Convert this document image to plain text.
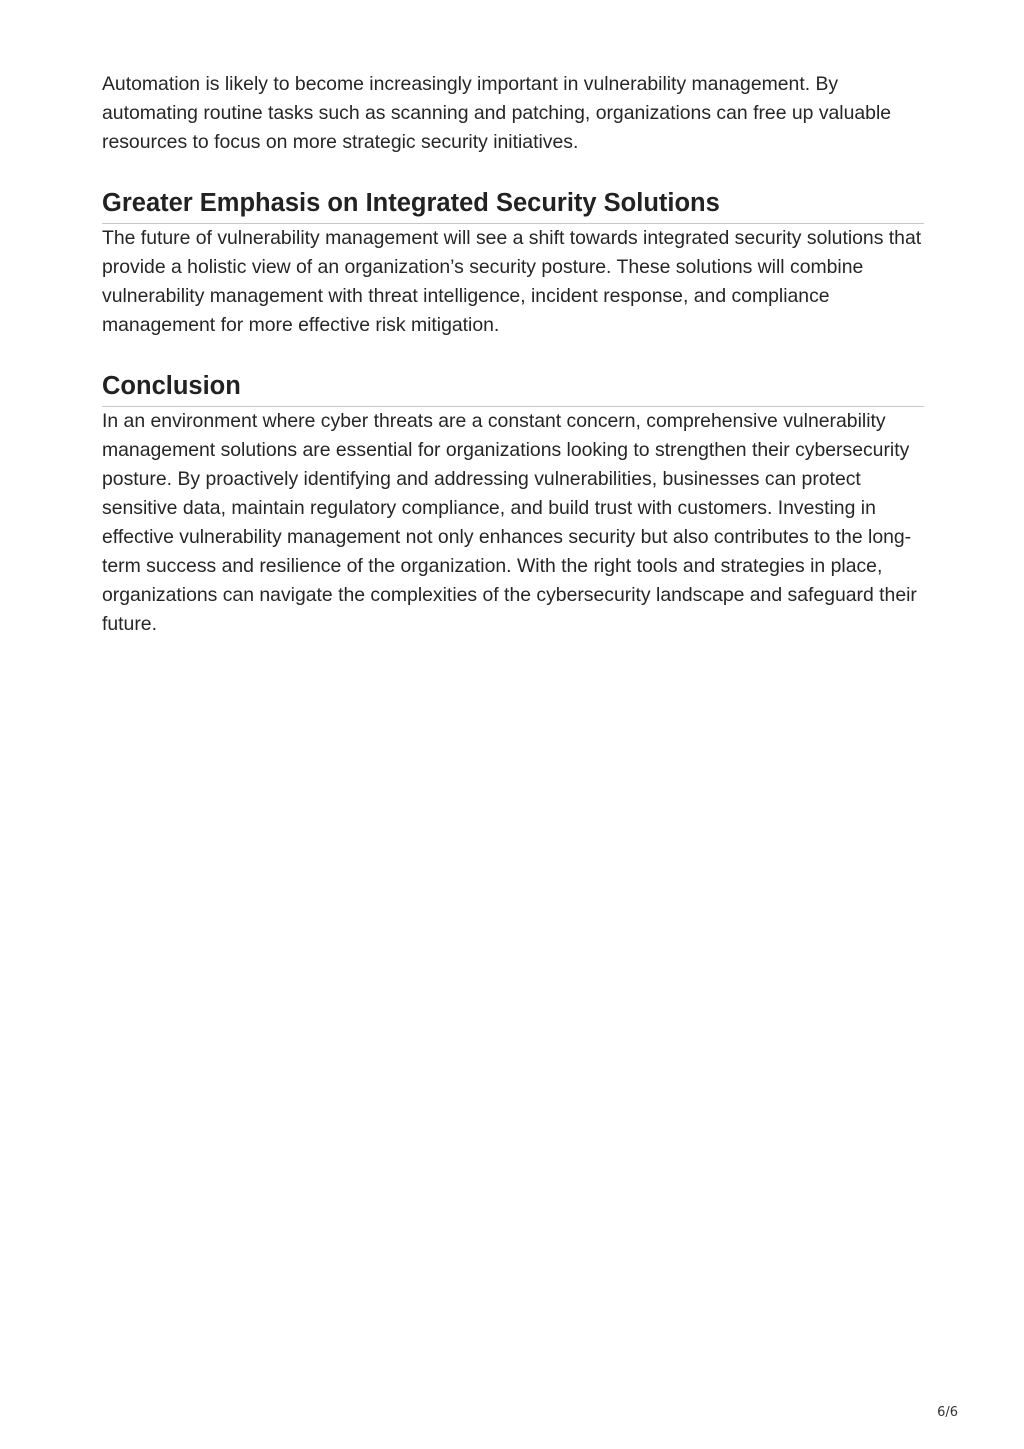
Automation is likely to become increasingly important in vulnerability management. By automating routine tasks such as scanning and patching, organizations can free up valuable resources to focus on more strategic security initiatives.

Greater Emphasis on Integrated Security Solutions

The future of vulnerability management will see a shift towards integrated security solutions that provide a holistic view of an organization’s security posture. These solutions will combine vulnerability management with threat intelligence, incident response, and compliance management for more effective risk mitigation.

Conclusion

In an environment where cyber threats are a constant concern, comprehensive vulnerability management solutions are essential for organizations looking to strengthen their cybersecurity posture. By proactively identifying and addressing vulnerabilities, businesses can protect sensitive data, maintain regulatory compliance, and build trust with customers. Investing in effective vulnerability management not only enhances security but also contributes to the long-term success and resilience of the organization. With the right tools and strategies in place, organizations can navigate the complexities of the cybersecurity landscape and safeguard their future.

6/6
